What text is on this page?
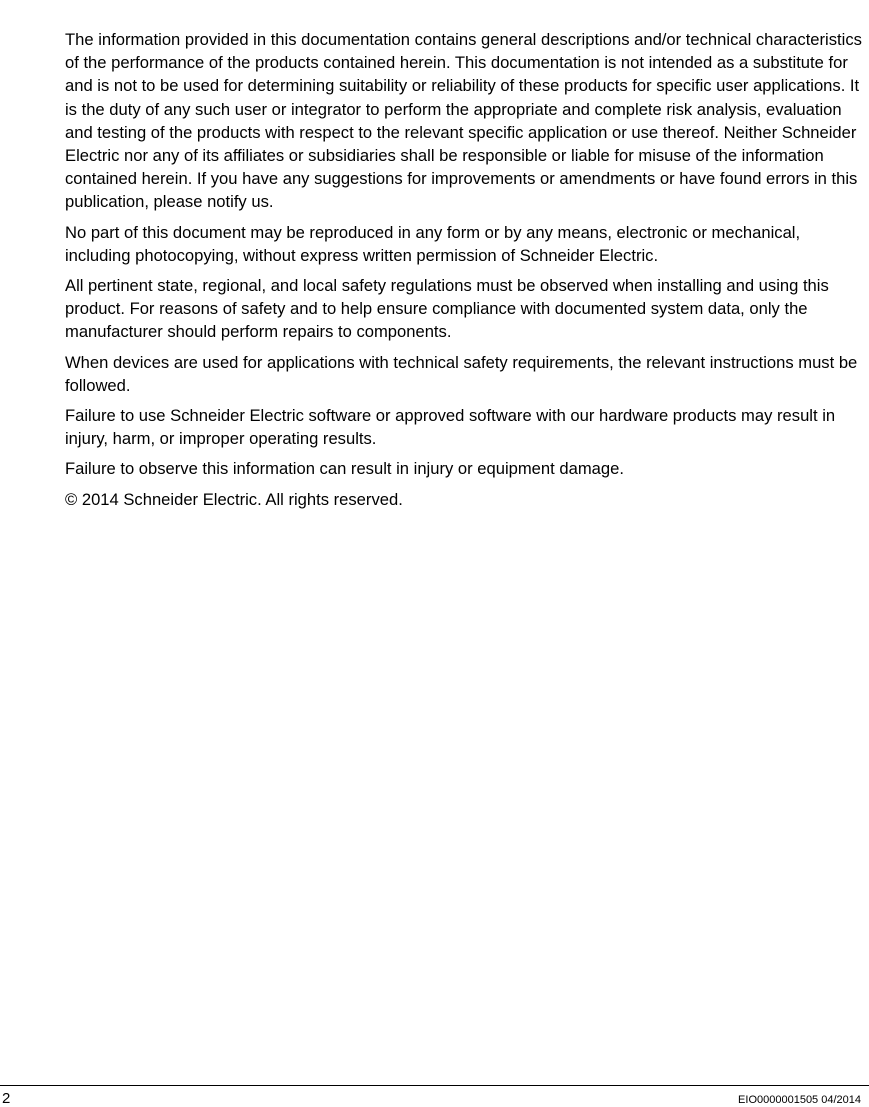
The information provided in this documentation contains general descriptions and/or technical characteristics of the performance of the products contained herein. This documentation is not intended as a substitute for and is not to be used for determining suitability or reliability of these products for specific user applications. It is the duty of any such user or integrator to perform the appropriate and complete risk analysis, evaluation and testing of the products with respect to the relevant specific application or use thereof. Neither Schneider Electric nor any of its affiliates or subsidiaries shall be responsible or liable for misuse of the information contained herein. If you have any suggestions for improvements or amendments or have found errors in this publication, please notify us.

No part of this document may be reproduced in any form or by any means, electronic or mechanical, including photocopying, without express written permission of Schneider Electric.

All pertinent state, regional, and local safety regulations must be observed when installing and using this product. For reasons of safety and to help ensure compliance with documented system data, only the manufacturer should perform repairs to components.

When devices are used for applications with technical safety requirements, the relevant instructions must be followed.

Failure to use Schneider Electric software or approved software with our hardware products may result in injury, harm, or improper operating results.

Failure to observe this information can result in injury or equipment damage.

© 2014 Schneider Electric. All rights reserved.

2	EIO0000001505 04/2014
